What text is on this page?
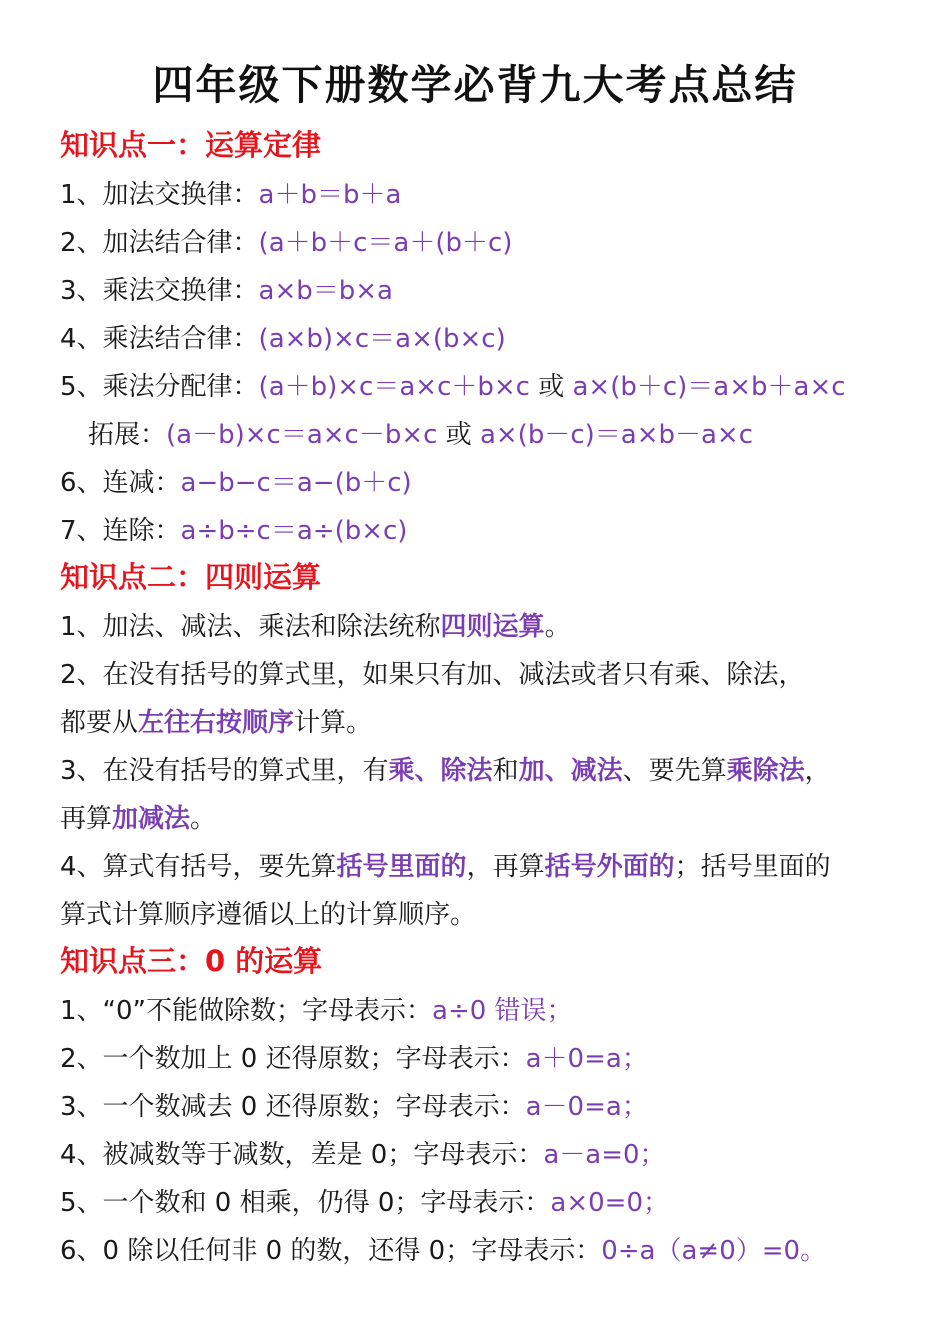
四年级下册数学必背九大考点总结
知识点一：运算定律
1、加法交换律：a＋b＝b＋a
2、加法结合律：(a＋b＋c＝a＋(b＋c)
3、乘法交换律：a×b＝b×a
4、乘法结合律：(a×b)×c＝a×(b×c)
5、乘法分配律：(a＋b)×c＝a×c＋b×c 或 a×(b＋c)＝a×b＋a×c
拓展：(a－b)×c＝a×c－b×c 或 a×(b－c)＝a×b－a×c
6、连减：a−b−c＝a−(b＋c)
7、连除：a÷b÷c＝a÷(b×c)
知识点二：四则运算
1、加法、减法、乘法和除法统称四则运算。
2、在没有括号的算式里，如果只有加、减法或者只有乘、除法，
都要从左往右按顺序计算。
3、在没有括号的算式里，有乘、除法和加、减法、要先算乘除法，
再算加减法。
4、算式有括号，要先算括号里面的，再算括号外面的；括号里面的
算式计算顺序遵循以上的计算顺序。
知识点三：0 的运算
1、“0”不能做除数；字母表示：a÷0 错误；
2、一个数加上 0 还得原数；字母表示：a＋0=a；
3、一个数减去 0 还得原数；字母表示：a－0=a；
4、被减数等于减数，差是 0；字母表示：a－a=0；
5、一个数和 0 相乘，仍得 0；字母表示：a×0=0；
6、0 除以任何非 0 的数，还得 0；字母表示：0÷a（a≠0）=0。
